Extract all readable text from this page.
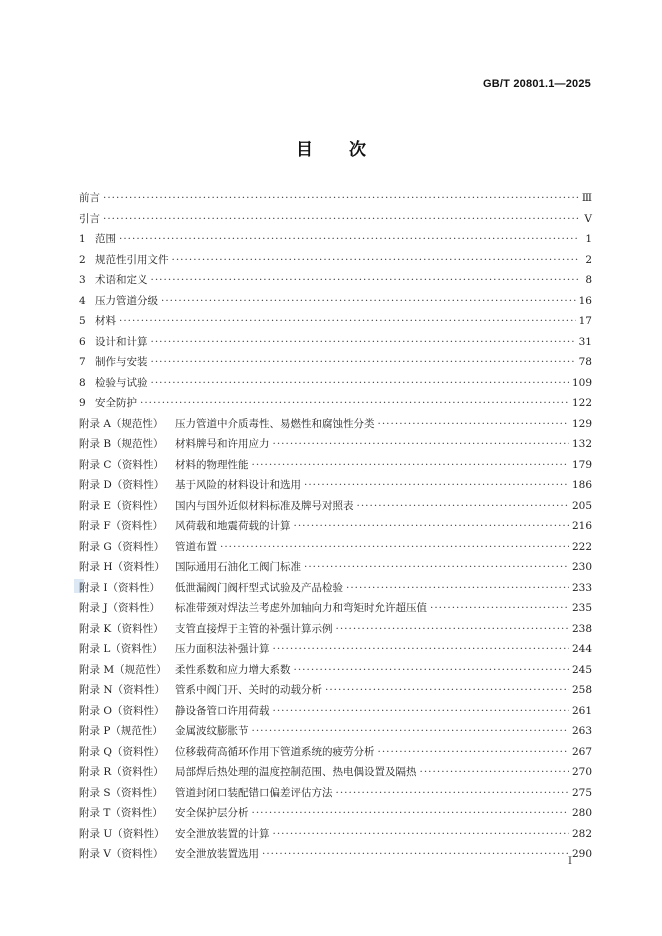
GB/T 20801.1—2025
目 次
前言 ·····	Ⅲ
引言 ·····	Ⅴ
1 范围 ·····	1
2 规范性引用文件 ·····	2
3 术语和定义 ·····	8
4 压力管道分级 ·····	16
5 材料 ·····	17
6 设计和计算 ·····	31
7 制作与安装 ·····	78
8 检验与试验 ·····	109
9 安全防护 ·····	122
附录 A（规范性） 压力管道中介质毒性、易燃性和腐蚀性分类 ·····	129
附录 B（规范性） 材料牌号和许用应力 ·····	132
附录 C（资料性） 材料的物理性能 ·····	179
附录 D（资料性） 基于风险的材料设计和选用 ·····	186
附录 E（资料性） 国内与国外近似材料标准及牌号对照表 ·····	205
附录 F（资料性） 风荷载和地震荷载的计算 ·····	216
附录 G（资料性） 管道布置 ·····	222
附录 H（资料性） 国际通用石油化工阀门标准 ·····	230
附录 I（资料性） 低泄漏阀门阀杆型式试验及产品检验 ·····	233
附录 J（资料性） 标准带颈对焊法兰考虑外加轴向力和弯矩时允许超压值 ·····	235
附录 K（资料性） 支管直接焊于主管的补强计算示例 ·····	238
附录 L（资料性） 压力面积法补强计算 ·····	244
附录 M（规范性） 柔性系数和应力增大系数 ·····	245
附录 N（资料性） 管系中阀门开、关时的动载分析 ·····	258
附录 O（资料性） 静设备管口许用荷载 ·····	261
附录 P（规范性） 金属波纹膨胀节 ·····	263
附录 Q（资料性） 位移载荷高循环作用下管道系统的疲劳分析 ·····	267
附录 R（资料性） 局部焊后热处理的温度控制范围、热电偶设置及隔热 ·····	270
附录 S（资料性） 管道封闭口装配错口偏差评估方法 ·····	275
附录 T（资料性） 安全保护层分析 ·····	280
附录 U（资料性） 安全泄放装置的计算 ·····	282
附录 V（资料性） 安全泄放装置选用 ·····	290
Ⅰ
